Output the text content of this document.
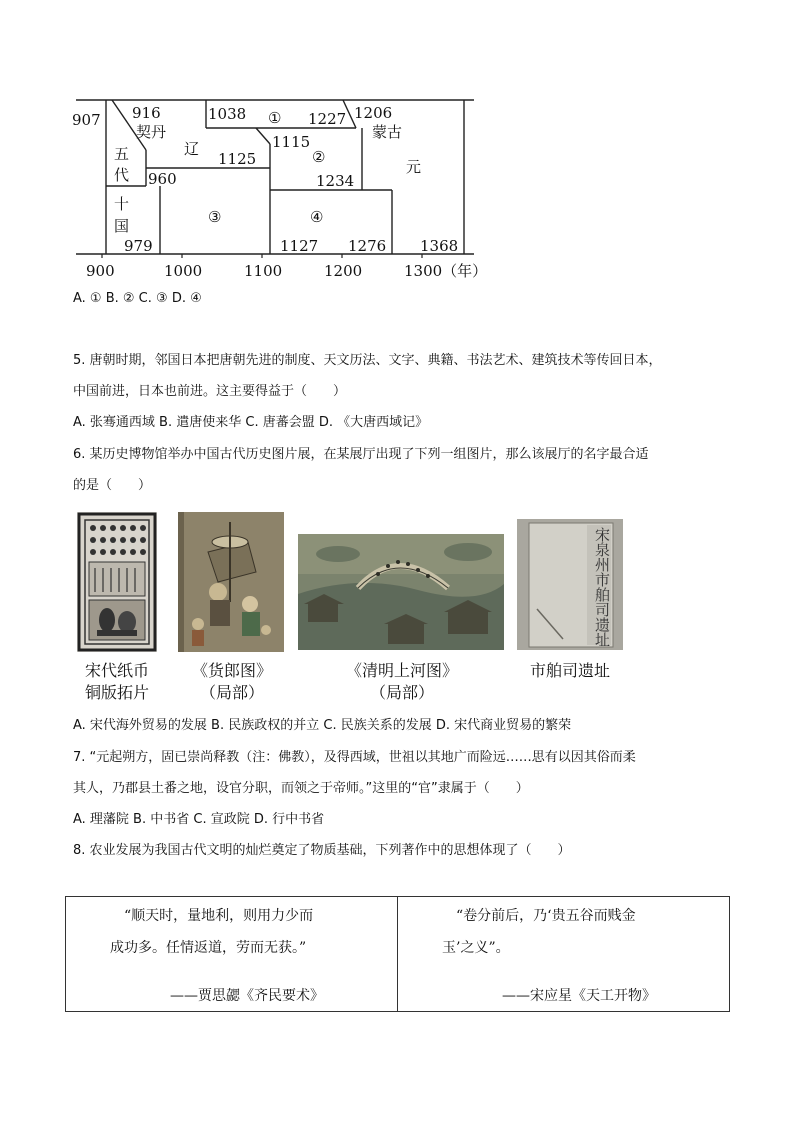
907 916
契丹
辽
五
代
十
国
1038 ① 1227 1206
蒙古
1115
②
1125
960	1234
元
③	④
979	1127 1276 1368
900	1000	1100	1200	1300（年）
A. ① B. ② C. ③ D. ④
5. 唐朝时期，邻国日本把唐朝先进的制度、天文历法、文字、典籍、书法艺术、建筑技术等传回日本，
中国前进，日本也前进。这主要得益于（　　）
A. 张骞通西域 B. 遣唐使来华 C. 唐蕃会盟 D. 《大唐西域记》
6. 某历史博物馆举办中国古代历史图片展，在某展厅出现了下列一组图片，那么该展厅的名字最合适
的是（　　）
宋泉州市舶司遗址
宋代纸币
铜版拓片
《货郎图》
（局部）
《清明上河图》
（局部）
市舶司遗址
A. 宋代海外贸易的发展 B. 民族政权的并立 C. 民族关系的发展 D. 宋代商业贸易的繁荣
7. “元起朔方，固已崇尚释教（注：佛教），及得西域，世祖以其地广而险远……思有以因其俗而柔
其人，乃郡县土番之地，设官分职，而领之于帝师。”这里的“官”隶属于（　　）
A. 理藩院 B. 中书省 C. 宣政院 D. 行中书省
8. 农业发展为我国古代文明的灿烂奠定了物质基础，下列著作中的思想体现了（　　）
“顺天时，量地利，则用力少而
成功多。任情返道，劳而无获。”
——贾思勰《齐民要术》
“卷分前后，乃‘贵五谷而贱金
玉’之义”。
——宋应星《天工开物》
